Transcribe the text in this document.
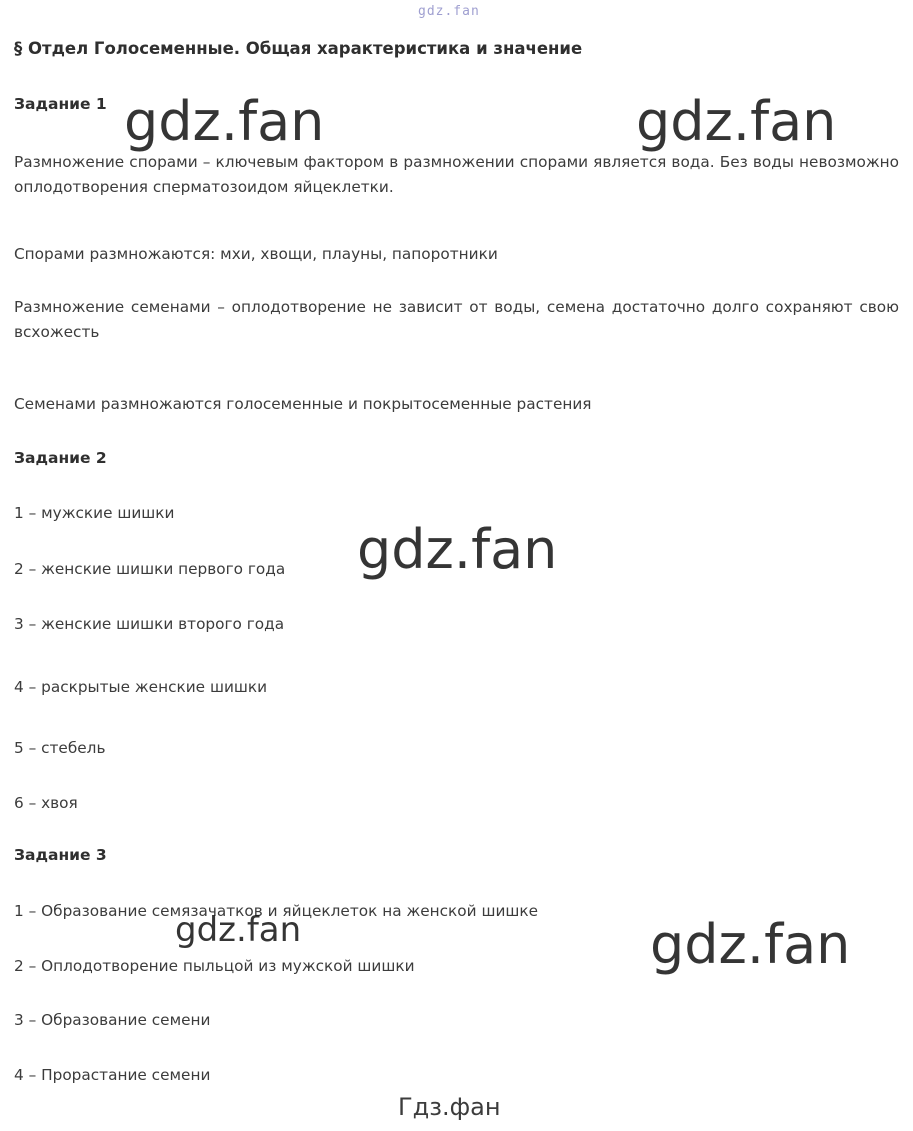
gdz.fan
§ Отдел Голосеменные. Общая характеристика и значение
Задание 1

Размножение спорами – ключевым фактором в размножении спорами является вода. Без воды невозможно оплодотворения сперматозоидом яйцеклетки.

Спорами размножаются: мхи, хвощи, плауны, папоротники

Размножение семенами – оплодотворение не зависит от воды, семена достаточно долго сохраняют свою всхожесть

Семенами размножаются голосеменные и покрытосеменные растения

Задание 2

1 – мужские шишки

2 – женские шишки первого года

3 – женские шишки второго года

4 – раскрытые женские шишки

5 – стебель

6 – хвоя

Задание 3

1 – Образование семязачатков и яйцеклеток на женской шишке

2 – Оплодотворение пыльцой из мужской шишки

3 – Образование семени

4 – Прорастание семени

gdz.fan	gdz.fan
gdz.fan
gdz.fan	gdz.fan
Гдз.фан
